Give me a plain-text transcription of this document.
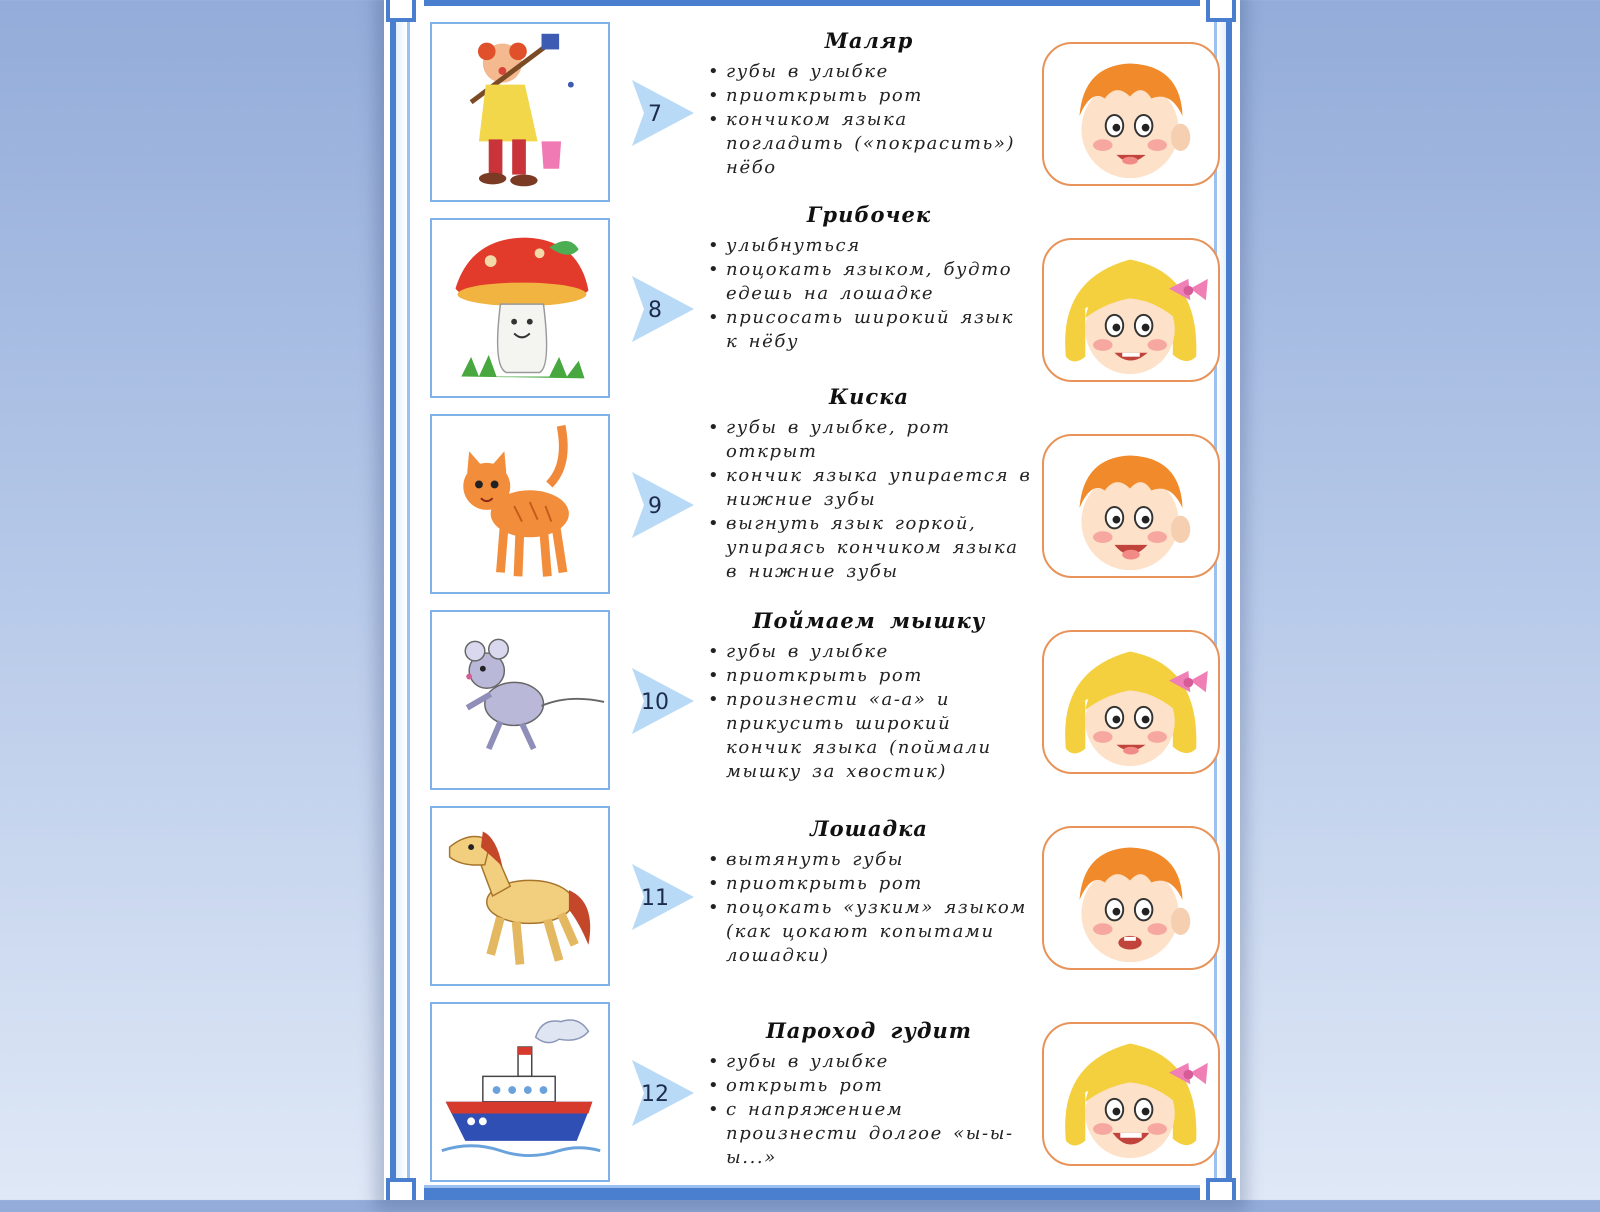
7
Маляр
• губы в улыбке
• приоткрыть рот
• кончиком языка погладить («покрасить») нёбо
8
Грибочек
• улыбнуться
• поцокать языком, будто едешь на лошадке
• присосать широкий язык к нёбу
9
Киска
• губы в улыбке, рот открыт
• кончик языка упирается в нижние зубы
• выгнуть язык горкой, упираясь кончиком языка в нижние зубы
10
Поймаем мышку
• губы в улыбке
• приоткрыть рот
• произнести «а-а» и прикусить широкий кончик языка (поймали мышку за хвостик)
11
Лошадка
• вытянуть губы
• приоткрыть рот
• поцокать «узким» языком (как цокают копытами лошадки)
12
Пароход гудит
• губы в улыбке
• открыть рот
• с напряжением произнести долгое «ы-ы-ы...»
